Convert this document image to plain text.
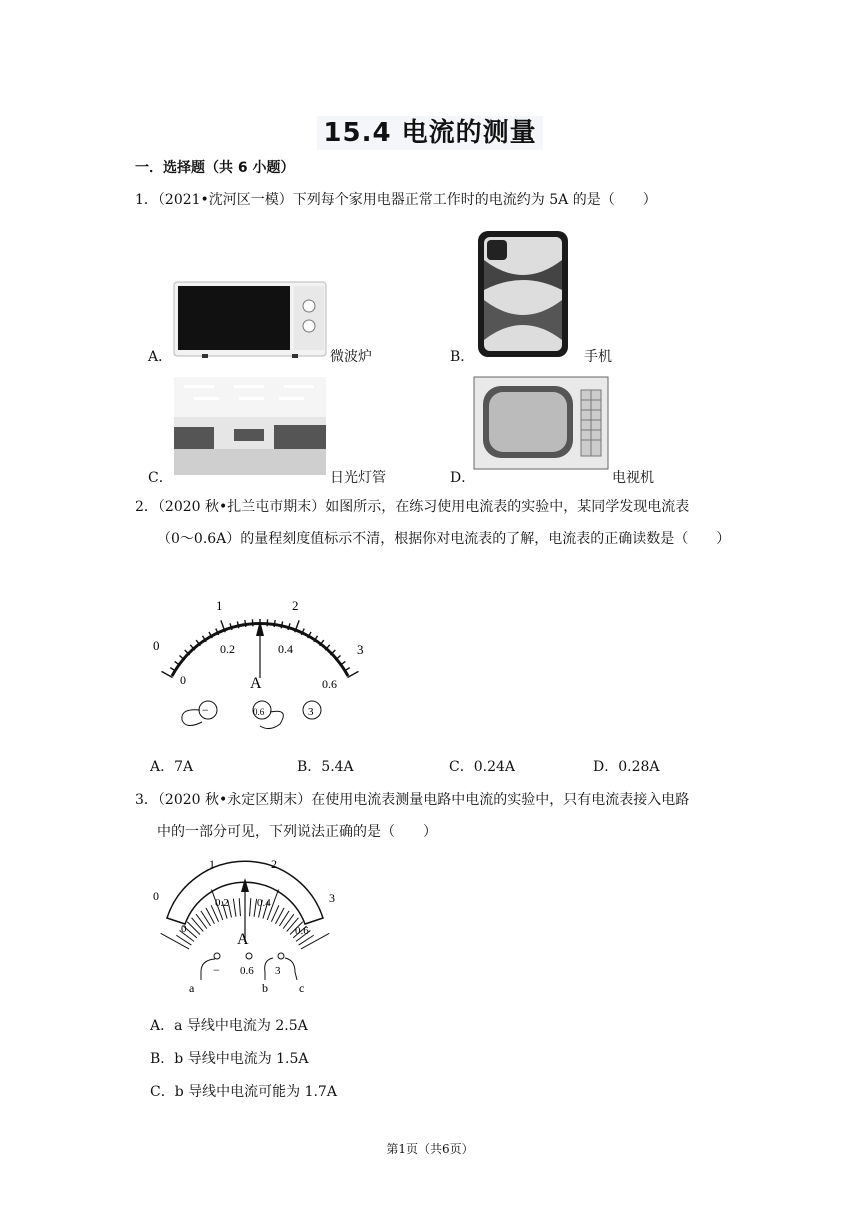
15.4 电流的测量
一．选择题（共 6 小题）
1．（2021•沈河区一模）下列每个家用电器正常工作时的电流约为 5A 的是（　　）
A．	微波炉	B．	手机
C．	日光灯管	D．	电视机
2．（2020 秋•扎兰屯市期末）如图所示，在练习使用电流表的实验中，某同学发现电流表
（0～0.6A）的量程刻度值标示不清，根据你对电流表的了解，电流表的正确读数是（　　）
0
1	2
3
0
0.2	0.4
0.6
A
−	0.6	3
A．7A	B．5.4A	C．0.24A	D．0.28A
3．（2020 秋•永定区期末）在使用电流表测量电路中电流的实验中，只有电流表接入电路
中的一部分可见，下列说法正确的是（　　）
0
1	2
3
0
0.2	0.4
0.6
A
− 0.6 3
a	b	c
A．a 导线中电流为 2.5A
B．b 导线中电流为 1.5A
C．b 导线中电流可能为 1.7A
第1页（共6页）
